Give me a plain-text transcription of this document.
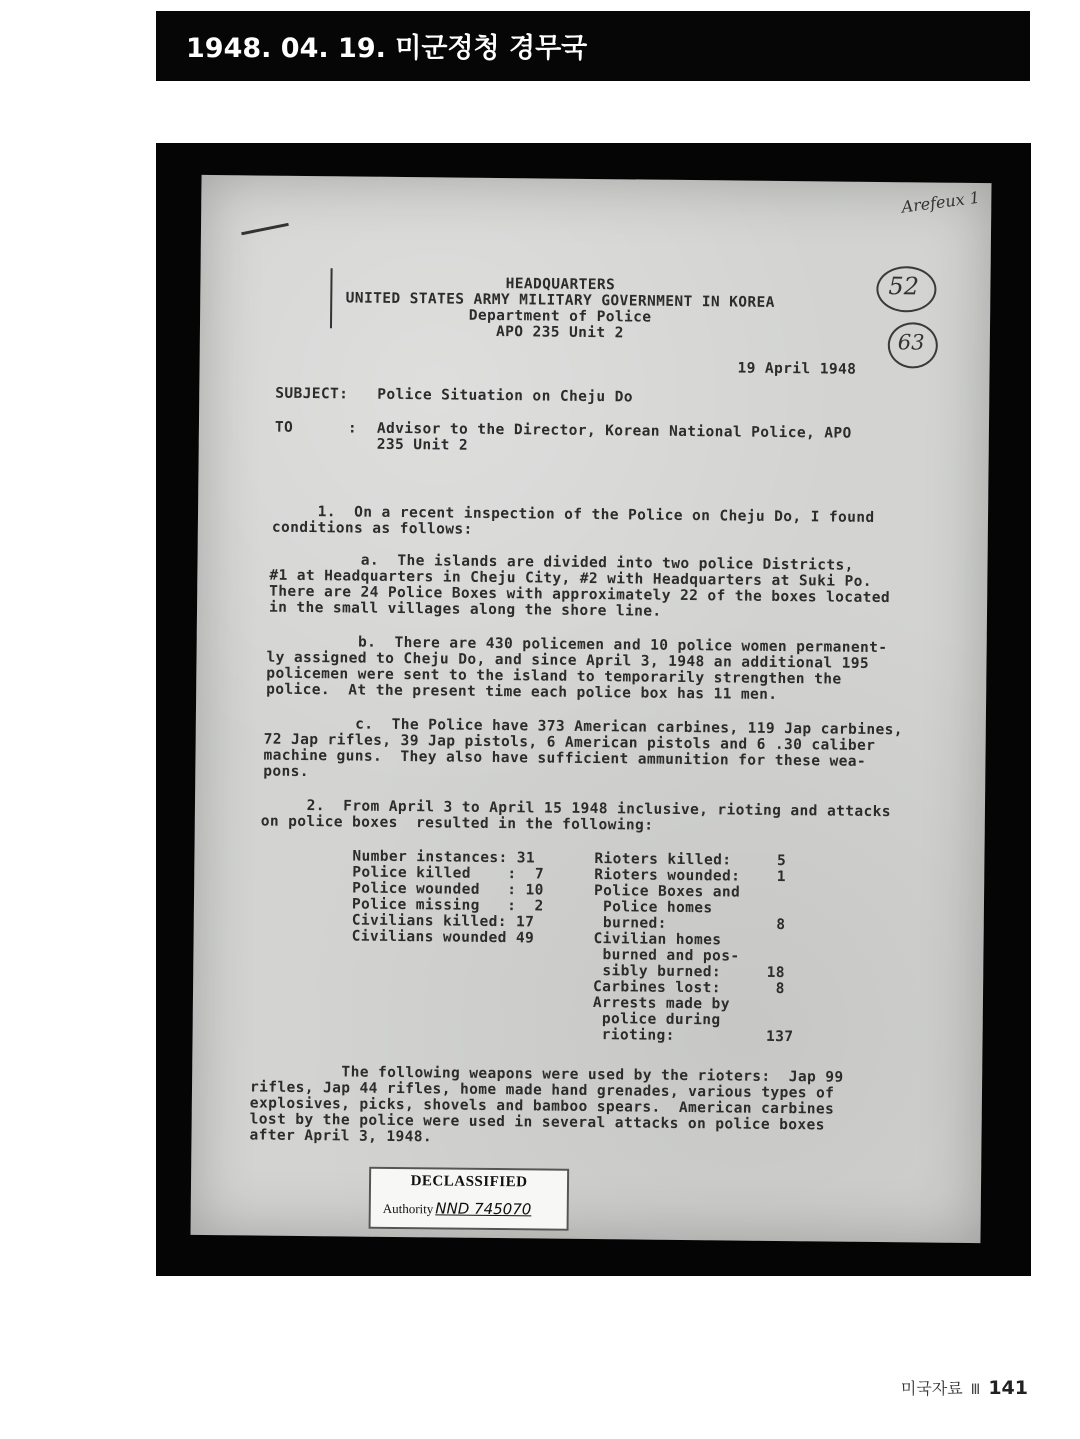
1948. 04. 19. 미군정청 경무국
Arefeux 1
52
63
HEADQUARTERS
UNITED STATES ARMY MILITARY GOVERNMENT IN KOREA
Department of Police
APO 235 Unit 2
19 April 1948
SUBJECT: Police Situation on Cheju Do
TO      : Advisor to the Director, Korean National Police, APO
235 Unit 2
1.  On a recent inspection of the Police on Cheju Do, I found
conditions as follows:
a.  The islands are divided into two police Districts,
#1 at Headquarters in Cheju City, #2 with Headquarters at Suki Po.
There are 24 Police Boxes with approximately 22 of the boxes located
in the small villages along the shore line.
b.  There are 430 policemen and 10 police women permanent-
ly assigned to Cheju Do, and since April 3, 1948 an additional 195
policemen were sent to the island to temporarily strengthen the
police.  At the present time each police box has 11 men.
c.  The Police have 373 American carbines, 119 Jap carbines,
72 Jap rifles, 39 Jap pistols, 6 American pistols and 6 .30 caliber
machine guns.  They also have sufficient ammunition for these wea-
pons.
2.  From April 3 to April 15 1948 inclusive, rioting and attacks
on police boxes  resulted in the following:
Number instances: 31
Police killed    :  7
Police wounded   : 10
Police missing   :  2
Civilians killed: 17
Civilians wounded 49
Rioters killed:     5
Rioters wounded:    1
Police Boxes and
Police homes
burned:            8
Civilian homes
burned and pos-
sibly burned:     18
Carbines lost:      8
Arrests made by
police during
rioting:          137
The following weapons were used by the rioters:  Jap 99
rifles, Jap 44 rifles, home made hand grenades, various types of
explosives, picks, shovels and bamboo spears.  American carbines
lost by the police were used in several attacks on police boxes
after April 3, 1948.
DECLASSIFIED
Authority NND 745070
미국자료 Ⅲ 141
